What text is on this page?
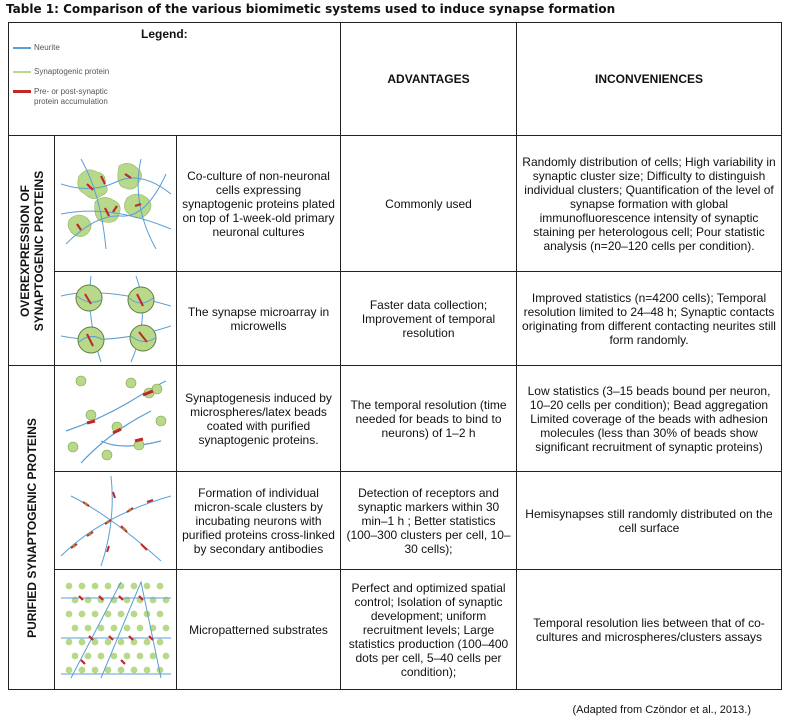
Table 1: Comparison of the various biomimetic systems used to induce synapse formation
Legend:
Neurite
Synaptogenic protein
Pre- or post-synaptic protein accumulation			ADVANTAGES	INCONVENIENCES

OVEREXPRESSION OF
SYNAPTOGENIC PROTEINS		Co-culture of non-neuronal cells expressing synaptogenic proteins plated on top of 1-week-old primary neuronal cultures	Commonly used	Randomly distribution of cells; High variability in synaptic cluster size; Difficulty to distinguish individual clusters; Quantification of the level of synapse formation with global immunofluorescence intensity of synaptic staining per heterologous cell; Pour statistic analysis (n=20–120 cells per condition).

	The synapse microarray in microwells	Faster data collection; Improvement of temporal resolution	Improved statistics (n=4200 cells); Temporal resolution limited to 24–48 h; Synaptic contacts originating from different contacting neurites still form randomly.

PURIFIED SYNAPTOGENIC PROTEINS		Synaptogenesis induced by microspheres/latex beads coated with purified synaptogenic proteins.	The temporal resolution (time needed for beads to bind to neurons) of 1–2 h	Low statistics (3–15 beads bound per neuron, 10–20 cells per condition); Bead aggregation Limited coverage of the beads with adhesion molecules (less than 30% of beads show significant recruitment of synaptic proteins)

	Formation of individual micron-scale clusters by incubating neurons with purified proteins cross-linked by secondary antibodies	Detection of receptors and synaptic markers within 30 min–1 h ; Better statistics (100–300 clusters per cell, 10–30 cells);	Hemisynapses still randomly distributed on the cell surface

	Micropatterned substrates	Perfect and optimized spatial control; Isolation of synaptic development; uniform recruitment levels; Large statistics production (100–400 dots per cell, 5–40 cells per condition);	Temporal resolution lies between that of co-cultures and microspheres/clusters assays
(Adapted from Czöndor et al., 2013.)
